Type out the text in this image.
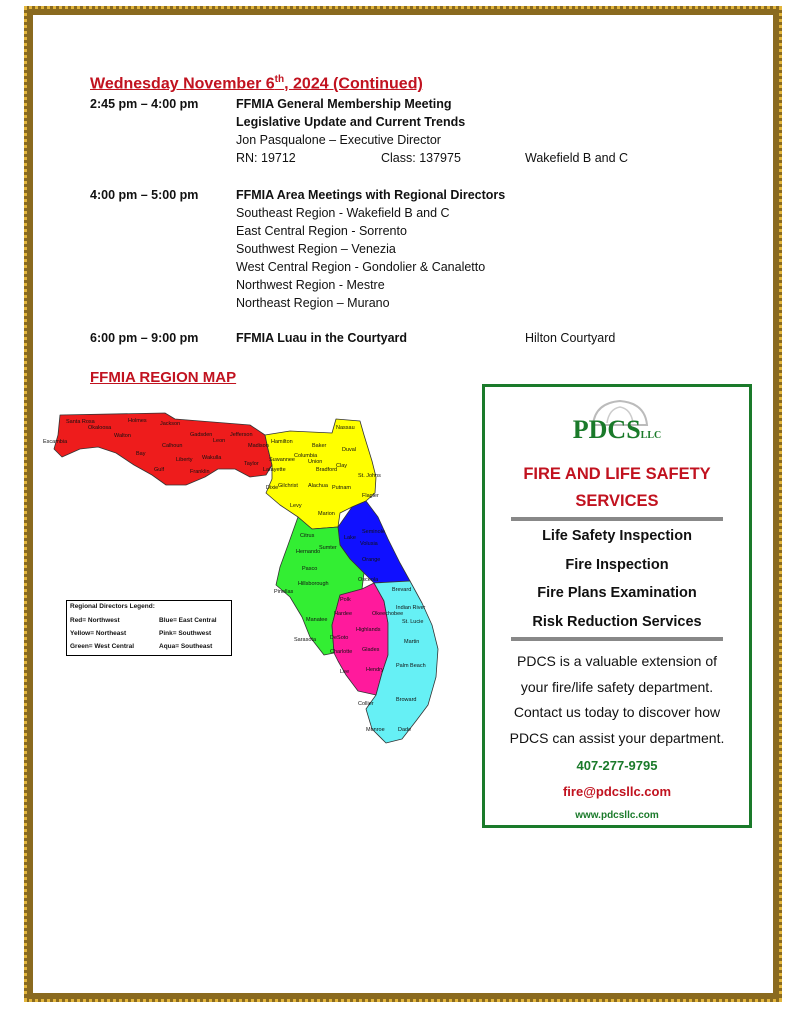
Wednesday November 6th, 2024 (Continued)
2:45 pm – 4:00 pm	FFMIA General Membership Meeting
Legislative Update and Current Trends
Jon Pasqualone – Executive Director
RN: 19712	Class: 137975	Wakefield B and C
4:00 pm – 5:00 pm	FFMIA Area Meetings with Regional Directors
Southeast Region - Wakefield B and C
East Central Region - Sorrento
Southwest Region – Venezia
West Central Region - Gondolier & Canaletto
Northwest Region - Mestre
Northeast Region – Murano
6:00 pm – 9:00 pm	FFMIA Luau in the Courtyard	Hilton Courtyard
FFMIA REGION MAP
Escambia
Santa Rosa
Okaloosa
Walton
Holmes Jackson
Gadsden
Leon
Jefferson
Madison
Taylor
Calhoun
Liberty
Bay
Gulf	Franklin
Wakulla
Hamilton
Suwannee
Lafayette
Dixie Gilchrist
Columbia
Baker
Nassau
Duval
Union
Bradford
Clay
St. Johns
Alachua Putnam
Flagler
Levy
Marion
Volusia
Citrus
Sumter
Lake
Seminole
Hernando
Orange
Pasco
Hillsborough
Pinellas
Polk
Osceola
Brevard
Indian River
Manatee
Hardee	Okeechobee
St. Lucie
Sarasota	DeSoto
Highlands
Martin
Charlotte Glades
Lee	Hendry
Palm Beach
Collier
Broward
Monroe Dade
Regional Directors Legend:
Red= Northwest	Blue= East Central
Yellow= Northeast	Pink= Southwest
Green= West Central	Aqua= Southeast
PDCSLLC
FIRE AND LIFE SAFETY
SERVICES
Life Safety Inspection
Fire Inspection
Fire Plans Examination
Risk Reduction Services
PDCS is a valuable extension of
your fire/life safety department.
Contact us today to discover how
PDCS can assist your department.
407-277-9795
fire@pdcsllc.com
www.pdcsllc.com
